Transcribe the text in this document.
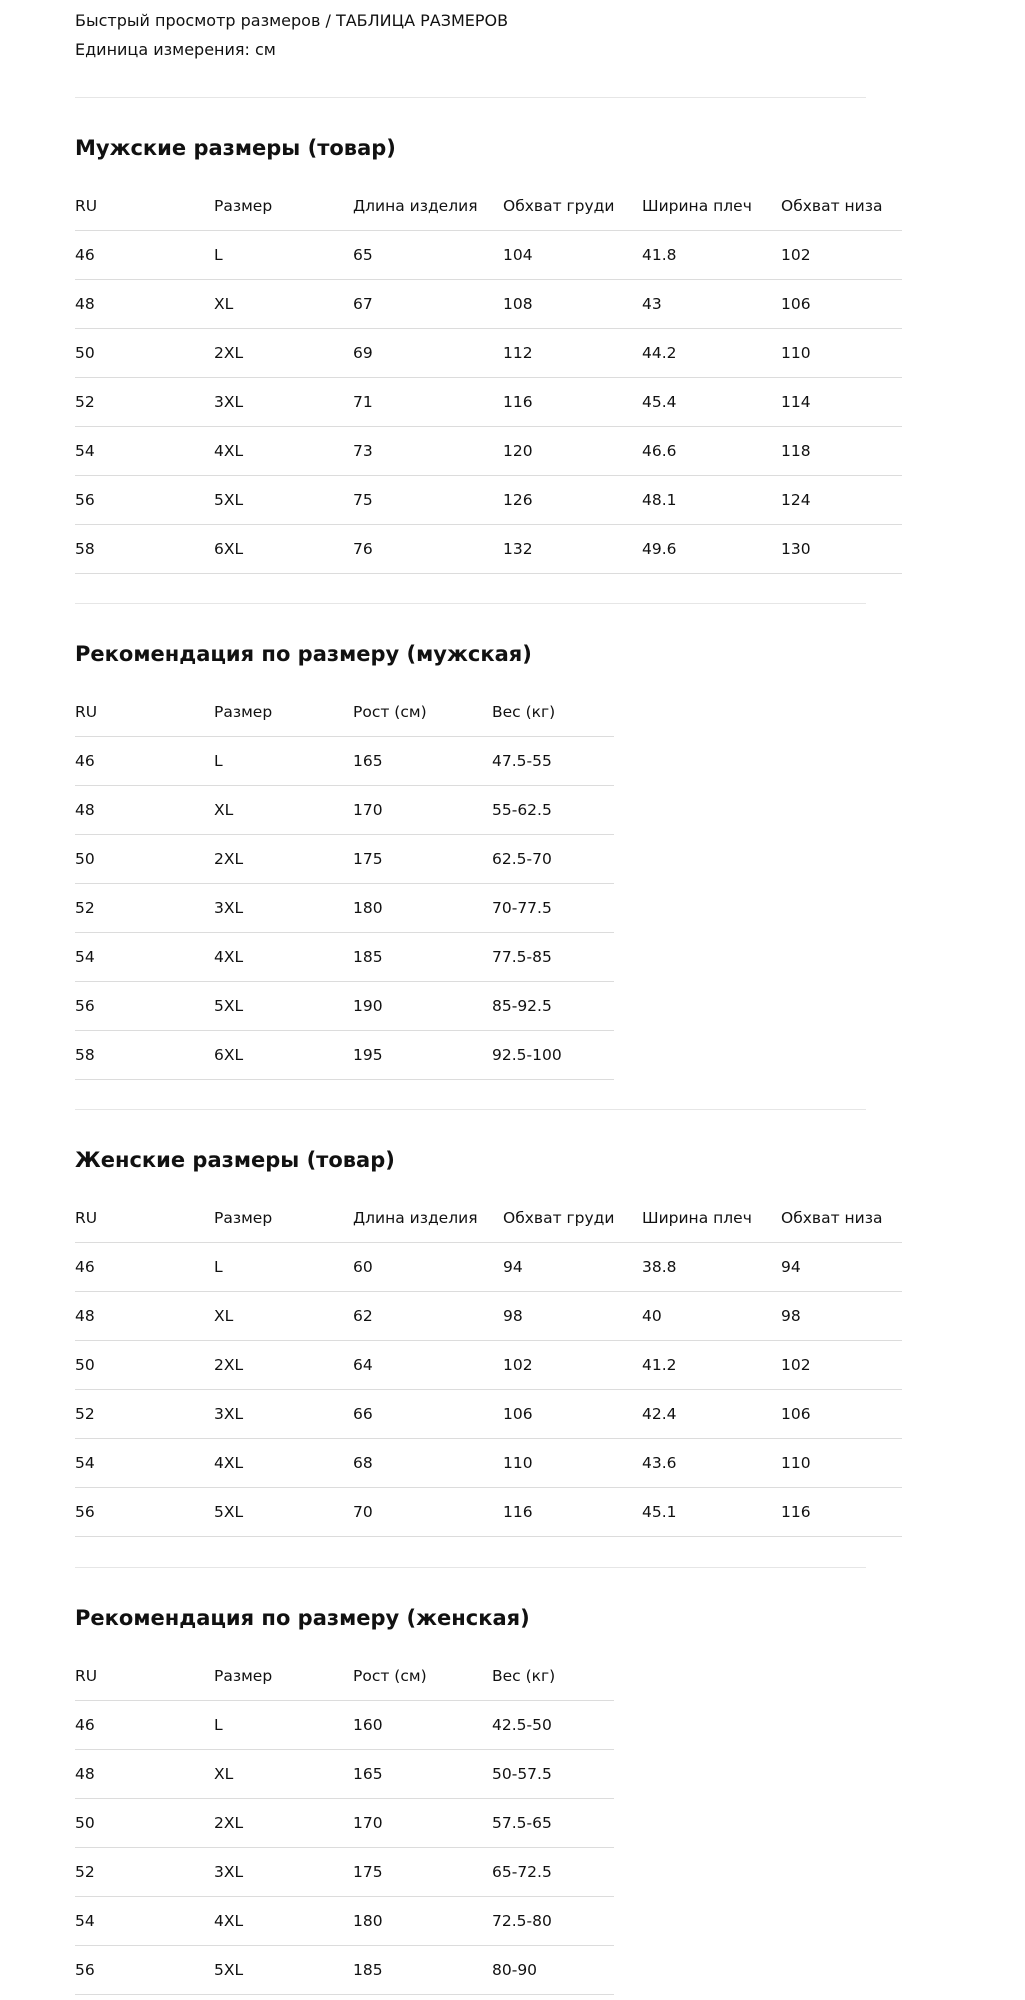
Быстрый просмотр размеров / ТАБЛИЦА РАЗМЕРОВ

Единица измерения: см

Мужские размеры (товар)
RU	Размер	Длина изделия	Обхват груди	Ширина плеч	Обхват низа
46	L	65	104	41.8	102
48	XL	67	108	43	106
50	2XL	69	112	44.2	110
52	3XL	71	116	45.4	114
54	4XL	73	120	46.6	118
56	5XL	75	126	48.1	124
58	6XL	76	132	49.6	130
Рекомендация по размеру (мужская)
RU	Размер	Рост (см)	Вес (кг)
46	L	165	47.5-55
48	XL	170	55-62.5
50	2XL	175	62.5-70
52	3XL	180	70-77.5
54	4XL	185	77.5-85
56	5XL	190	85-92.5
58	6XL	195	92.5-100
Женские размеры (товар)
RU	Размер	Длина изделия	Обхват груди	Ширина плеч	Обхват низа
46	L	60	94	38.8	94
48	XL	62	98	40	98
50	2XL	64	102	41.2	102
52	3XL	66	106	42.4	106
54	4XL	68	110	43.6	110
56	5XL	70	116	45.1	116
Рекомендация по размеру (женская)
RU	Размер	Рост (см)	Вес (кг)
46	L	160	42.5-50
48	XL	165	50-57.5
50	2XL	170	57.5-65
52	3XL	175	65-72.5
54	4XL	180	72.5-80
56	5XL	185	80-90
